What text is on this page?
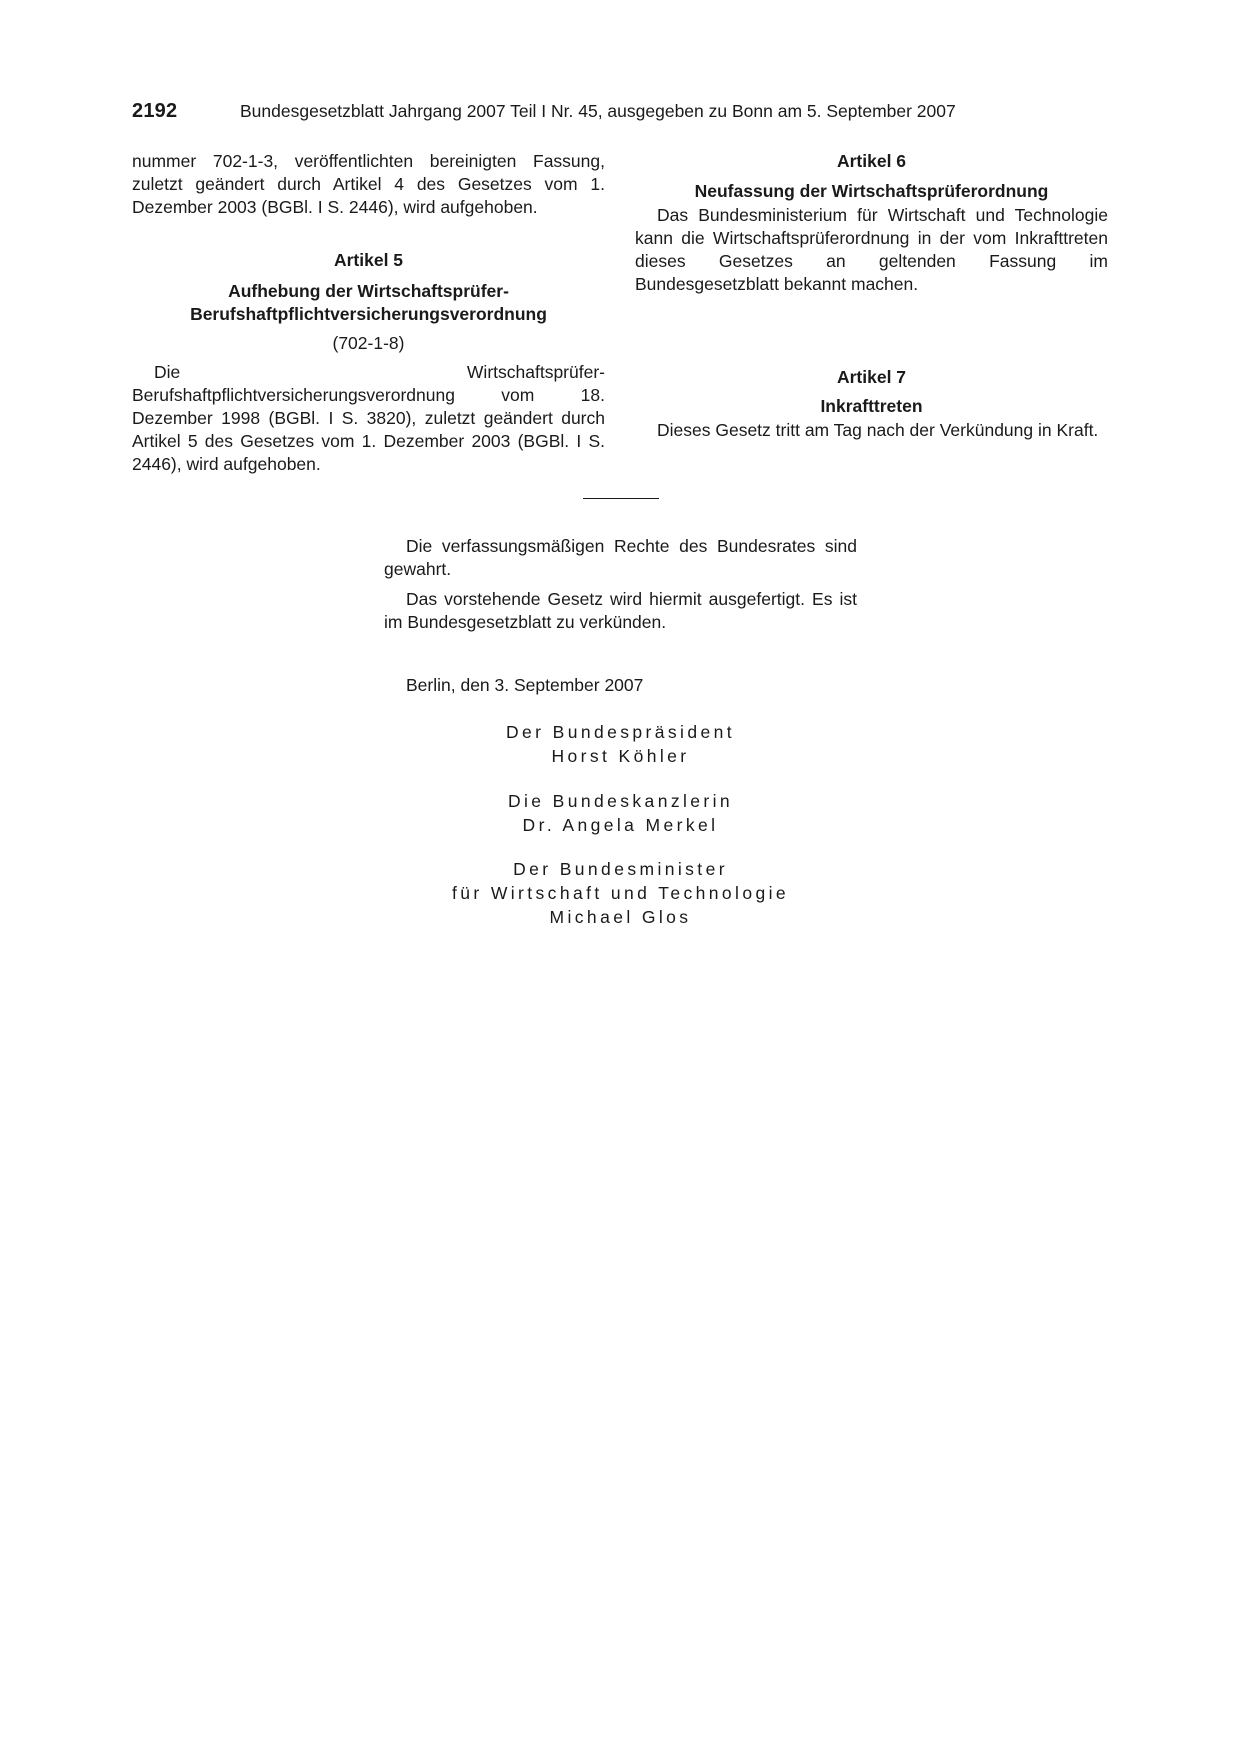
2192	Bundesgesetzblatt Jahrgang 2007 Teil I Nr. 45, ausgegeben zu Bonn am 5. September 2007

nummer 702-1-3, veröffentlichten bereinigten Fassung, zuletzt geändert durch Artikel 4 des Gesetzes vom 1. Dezember 2003 (BGBl. I S. 2446), wird aufgehoben.

Artikel 5

Aufhebung der Wirtschaftsprüfer-

Berufshaftpflichtversicherungsverordnung

(702-1-8)

Die Wirtschaftsprüfer-Berufshaftpflichtversicherungsverordnung vom 18. Dezember 1998 (BGBl. I S. 3820), zuletzt geändert durch Artikel 5 des Gesetzes vom 1. Dezember 2003 (BGBl. I S. 2446), wird aufgehoben.

Artikel 6

Neufassung der Wirtschaftsprüferordnung

Das Bundesministerium für Wirtschaft und Technologie kann die Wirtschaftsprüferordnung in der vom Inkrafttreten dieses Gesetzes an geltenden Fassung im Bundesgesetzblatt bekannt machen.

Artikel 7

Inkrafttreten

Dieses Gesetz tritt am Tag nach der Verkündung in Kraft.

Die verfassungsmäßigen Rechte des Bundesrates sind gewahrt.

Das vorstehende Gesetz wird hiermit ausgefertigt. Es ist im Bundesgesetzblatt zu verkünden.

Berlin, den 3. September 2007
Der Bundespräsident
Horst Köhler
Die Bundeskanzlerin
Dr. Angela Merkel
Der Bundesminister
für Wirtschaft und Technologie
Michael Glos
